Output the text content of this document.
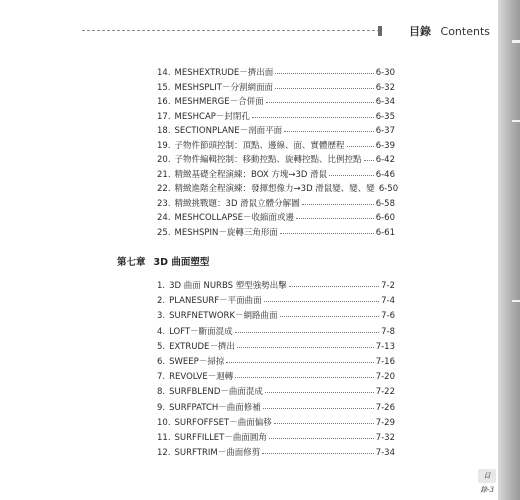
目錄 Contents
14. MESHEXTRUDE－擠出面	6-30
15. MESHSPLIT－分割網面面	6-32
16. MESHMERGE－合併面	6-34
17. MESHCAP－封閉孔	6-35
18. SECTIONPLANE－剖面平面	6-37
19. 子物件節頭控制：頂點、邊線、面、實體歷程	6-39
20. 子物件編輯控制：移動控點、旋轉控點、比例控點 6-42
21. 精緻基礎全程演練：BOX 方塊→3D 滑鼠	6-46
22. 精緻進階全程演練：發揮想像力→3D 滑鼠變、變、變 6-50
23. 精緻挑戰題：3D 滑鼠立體分解圖	6-58
24. MESHCOLLAPSE－收縮面或邊	6-60
25. MESHSPIN－旋轉三角形面	6-61
第七章 3D 曲面塑型
1. 3D 曲面 NURBS 塑型強勢出擊	7-2
2. PLANESURF－平面曲面	7-4
3. SURFNETWORK－網路曲面	7-6
4. LOFT－斷面混成	7-8
5. EXTRUDE－擠出	7-13
6. SWEEP－掃掠	7-16
7. REVOLVE－迴轉	7-20
8. SURFBLEND－曲面混成	7-22
9. SURFPATCH－曲面修補	7-26
10. SURFOFFSET－曲面偏移	7-29
11. SURFFILLET－曲面圓角	7-32
12. SURFTRIM－曲面修剪	7-34
目錄-3
